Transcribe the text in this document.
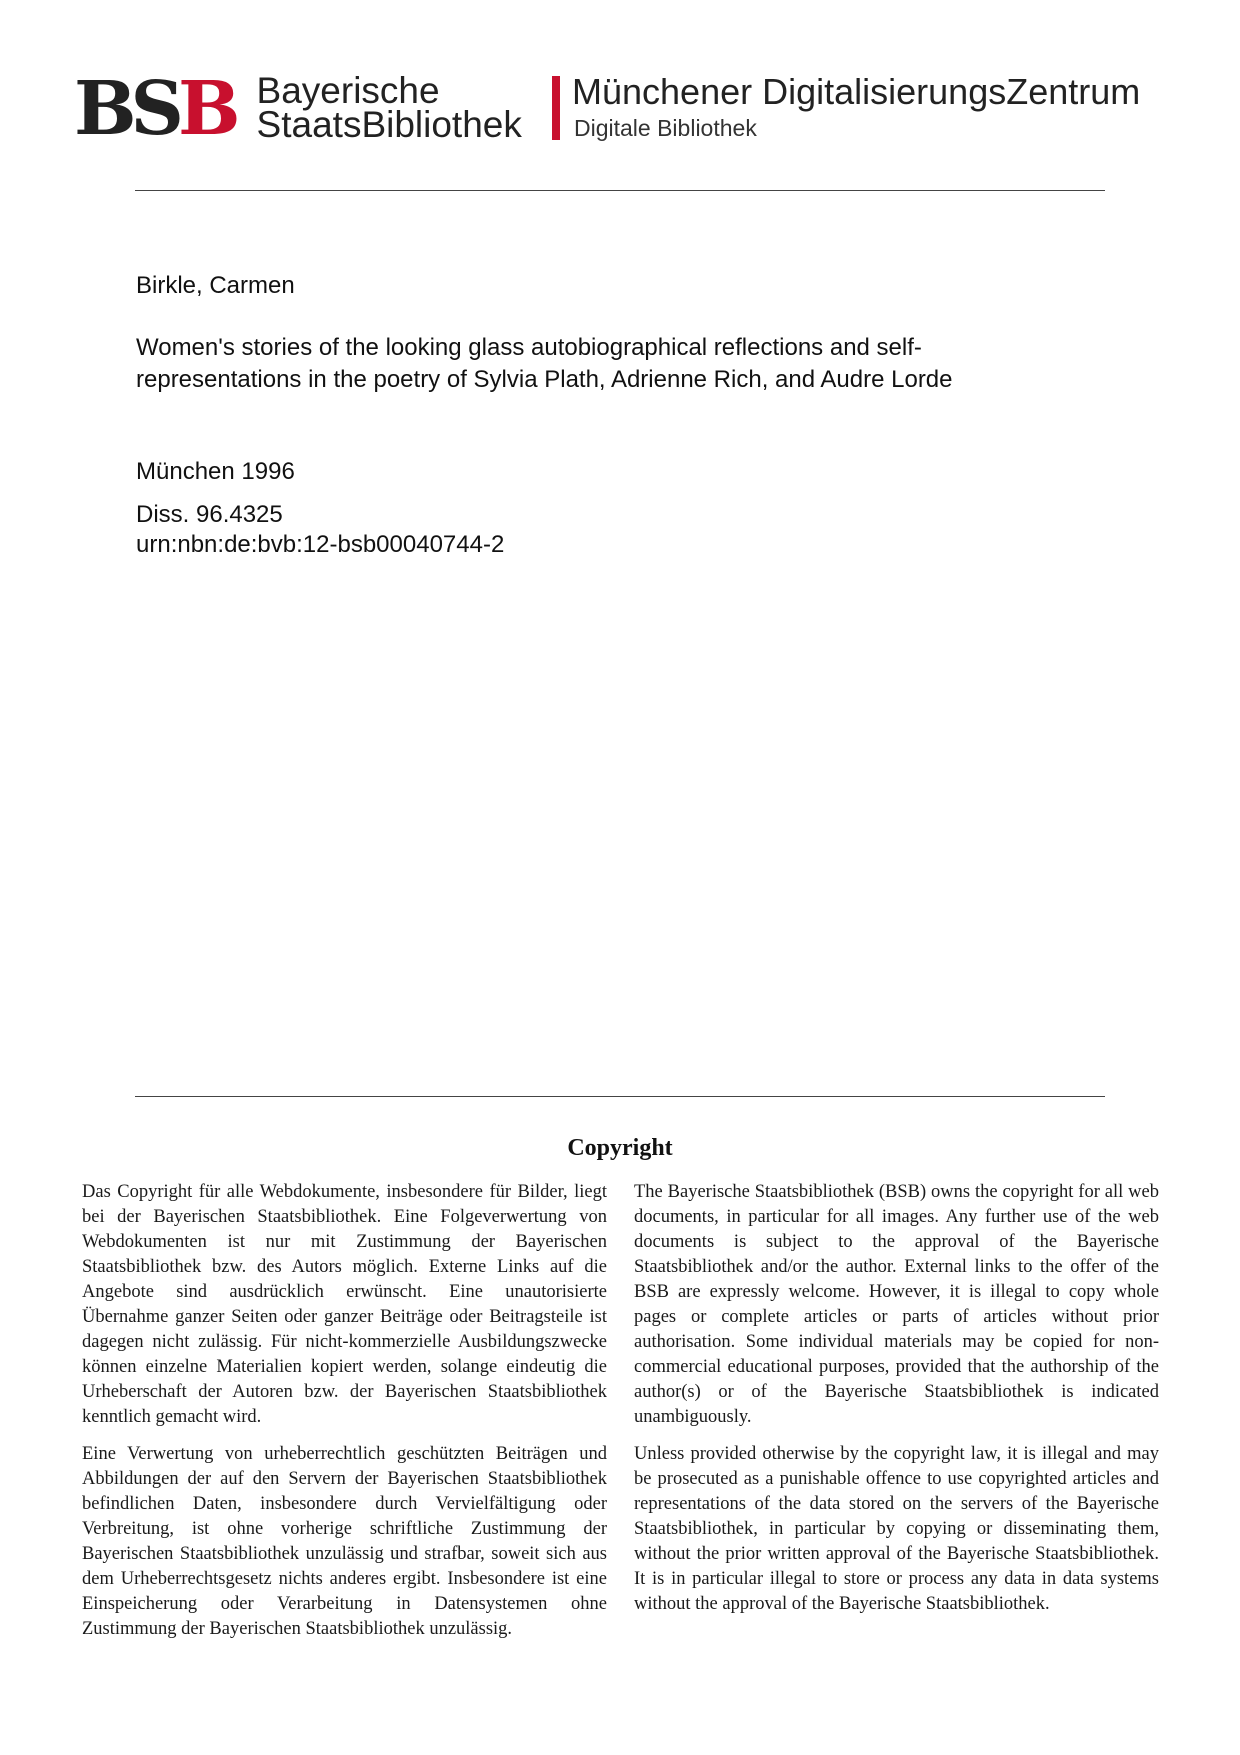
BSB Bayerische
StaatsBibliothek
Münchener DigitalisierungsZentrum
Digitale Bibliothek
Birkle, Carmen
Women's stories of the looking glass autobiographical reflections and self-representations in the poetry of Sylvia Plath, Adrienne Rich, and Audre Lorde
München 1996
Diss. 96.4325
urn:nbn:de:bvb:12-bsb00040744-2
Copyright

Das Copyright für alle Webdokumente, insbesondere für Bilder, liegt bei der Bayerischen Staatsbibliothek. Eine Folgeverwertung von Webdokumenten ist nur mit Zustimmung der Bayerischen Staatsbibliothek bzw. des Autors möglich. Externe Links auf die Angebote sind ausdrücklich erwünscht. Eine unautorisierte Übernahme ganzer Seiten oder ganzer Beiträge oder Beitragsteile ist dagegen nicht zulässig. Für nicht-kommerzielle Ausbildungszwecke können einzelne Materialien kopiert werden, solange eindeutig die Urheberschaft der Autoren bzw. der Bayerischen Staatsbibliothek kenntlich gemacht wird.

Eine Verwertung von urheberrechtlich geschützten Beiträgen und Abbildungen der auf den Servern der Bayerischen Staatsbibliothek befindlichen Daten, insbesondere durch Vervielfältigung oder Verbreitung, ist ohne vorherige schriftliche Zustimmung der Bayerischen Staatsbibliothek unzulässig und strafbar, soweit sich aus dem Urheberrechtsgesetz nichts anderes ergibt. Insbesondere ist eine Einspeicherung oder Verarbeitung in Datensystemen ohne Zustimmung der Bayerischen Staatsbibliothek unzulässig.

The Bayerische Staatsbibliothek (BSB) owns the copyright for all web documents, in particular for all images. Any further use of the web documents is subject to the approval of the Bayerische Staatsbibliothek and/or the author. External links to the offer of the BSB are expressly welcome. However, it is illegal to copy whole pages or complete articles or parts of articles without prior authorisation. Some individual materials may be copied for non-commercial educational purposes, provided that the authorship of the author(s) or of the Bayerische Staatsbibliothek is indicated unambiguously.

Unless provided otherwise by the copyright law, it is illegal and may be prosecuted as a punishable offence to use copyrighted articles and representations of the data stored on the servers of the Bayerische Staatsbibliothek, in particular by copying or disseminating them, without the prior written approval of the Bayerische Staatsbibliothek. It is in particular illegal to store or process any data in data systems without the approval of the Bayerische Staatsbibliothek.
